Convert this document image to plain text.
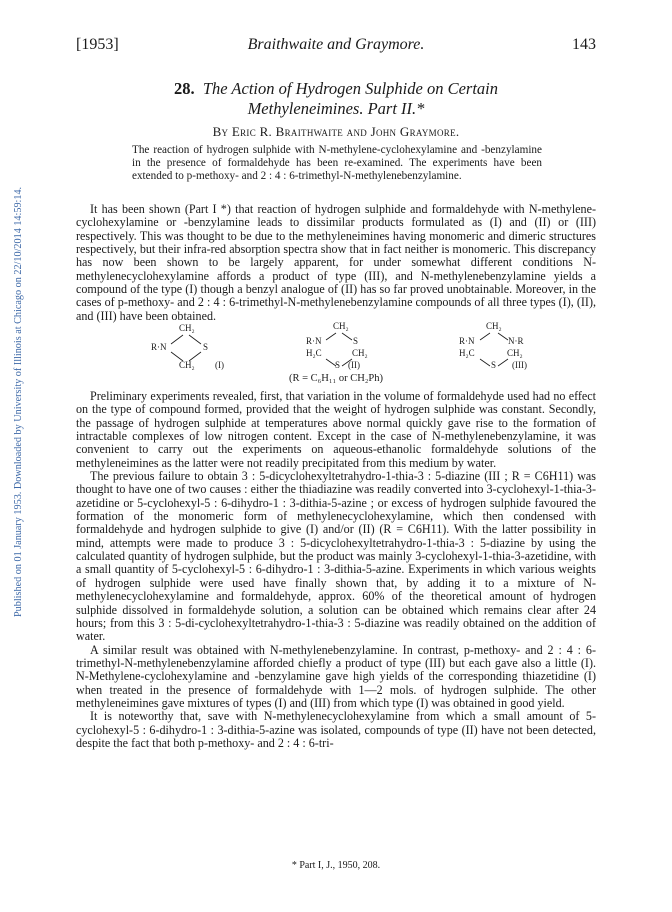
Published on 01 January 1953. Downloaded by University of Illinois at Chicago on 22/10/2014 14:59:14.
[1953]	Braithwaite and Graymore.	143
28. The Action of Hydrogen Sulphide on Certain
Methyleneimines. Part II.*
By Eric R. Braithwaite and John Graymore.
The reaction of hydrogen sulphide with N-methylene-cyclohexylamine and -benzylamine in the presence of formaldehyde has been re-examined. The experiments have been extended to p-methoxy- and 2 : 4 : 6-trimethyl-N-methylenebenzylamine.

It has been shown (Part I *) that reaction of hydrogen sulphide and formaldehyde with N-methylene-cyclohexylamine or -benzylamine leads to dissimilar products formulated as (I) and (II) or (III) respectively. This was thought to be due to the methyleneimines having monomeric and dimeric structures respectively, but their infra-red absorption spectra show that in fact neither is monomeric. This discrepancy has now been shown to be largely apparent, for under somewhat different conditions N-methylenecyclohexylamine affords a product of type (III), and N-methylenebenzylamine yields a compound of the type (I) though a benzyl analogue of (II) has so far proved unobtainable. Moreover, in the cases of p-methoxy- and 2 : 4 : 6-trimethyl-N-methylenebenzylamine compounds of all three types (I), (II), and (III) have been obtained.

CH₂
R·N	S
CH₂ (I)
CH₂
R·N	S
H₂C	CH₂
S (II)
CH₂
R·N	N·R
H₂C	CH₂
S (III)
(R = C₆H₁₁ or CH₂Ph)

Preliminary experiments revealed, first, that variation in the volume of formaldehyde used had no effect on the type of compound formed, provided that the weight of hydrogen sulphide was constant. Secondly, the passage of hydrogen sulphide at temperatures above normal quickly gave rise to the formation of intractable complexes of low nitrogen content. Except in the case of N-methylenebenzylamine, it was convenient to carry out the experiments on aqueous-ethanolic formaldehyde solutions of the methyleneimines as the latter were not readily precipitated from this medium by water.

The previous failure to obtain 3 : 5-dicyclohexyltetrahydro-1-thia-3 : 5-diazine (III ; R = C6H11) was thought to have one of two causes : either the thiadiazine was readily converted into 3-cyclohexyl-1-thia-3-azetidine or 5-cyclohexyl-5 : 6-dihydro-1 : 3-dithia-5-azine ; or excess of hydrogen sulphide favoured the formation of the monomeric form of methylenecyclohexylamine, which then condensed with formaldehyde and hydrogen sulphide to give (I) and/or (II) (R = C6H11). With the latter possibility in mind, attempts were made to produce 3 : 5-dicyclohexyltetrahydro-1-thia-3 : 5-diazine by using the calculated quantity of hydrogen sulphide, but the product was mainly 3-cyclohexyl-1-thia-3-azetidine, with a small quantity of 5-cyclohexyl-5 : 6-dihydro-1 : 3-dithia-5-azine. Experiments in which various weights of hydrogen sulphide were used have finally shown that, by adding it to a mixture of N-methylenecyclohexylamine and formaldehyde, approx. 60% of the theoretical amount of hydrogen sulphide dissolved in formaldehyde solution, a solution can be obtained which remains clear after 24 hours; from this 3 : 5-di-cyclohexyltetrahydro-1-thia-3 : 5-diazine was readily obtained on the addition of water.

A similar result was obtained with N-methylenebenzylamine. In contrast, p-methoxy- and 2 : 4 : 6-trimethyl-N-methylenebenzylamine afforded chiefly a product of type (III) but each gave also a little (I). N-Methylene-cyclohexylamine and -benzylamine gave high yields of the corresponding thiazetidine (I) when treated in the presence of formaldehyde with 1—2 mols. of hydrogen sulphide. The other methyleneimines gave mixtures of types (I) and (III) from which type (I) was obtained in good yield.

It is noteworthy that, save with N-methylenecyclohexylamine from which a small amount of 5-cyclohexyl-5 : 6-dihydro-1 : 3-dithia-5-azine was isolated, compounds of type (II) have not been detected, despite the fact that both p-methoxy- and 2 : 4 : 6-tri-

* Part I, J., 1950, 208.
